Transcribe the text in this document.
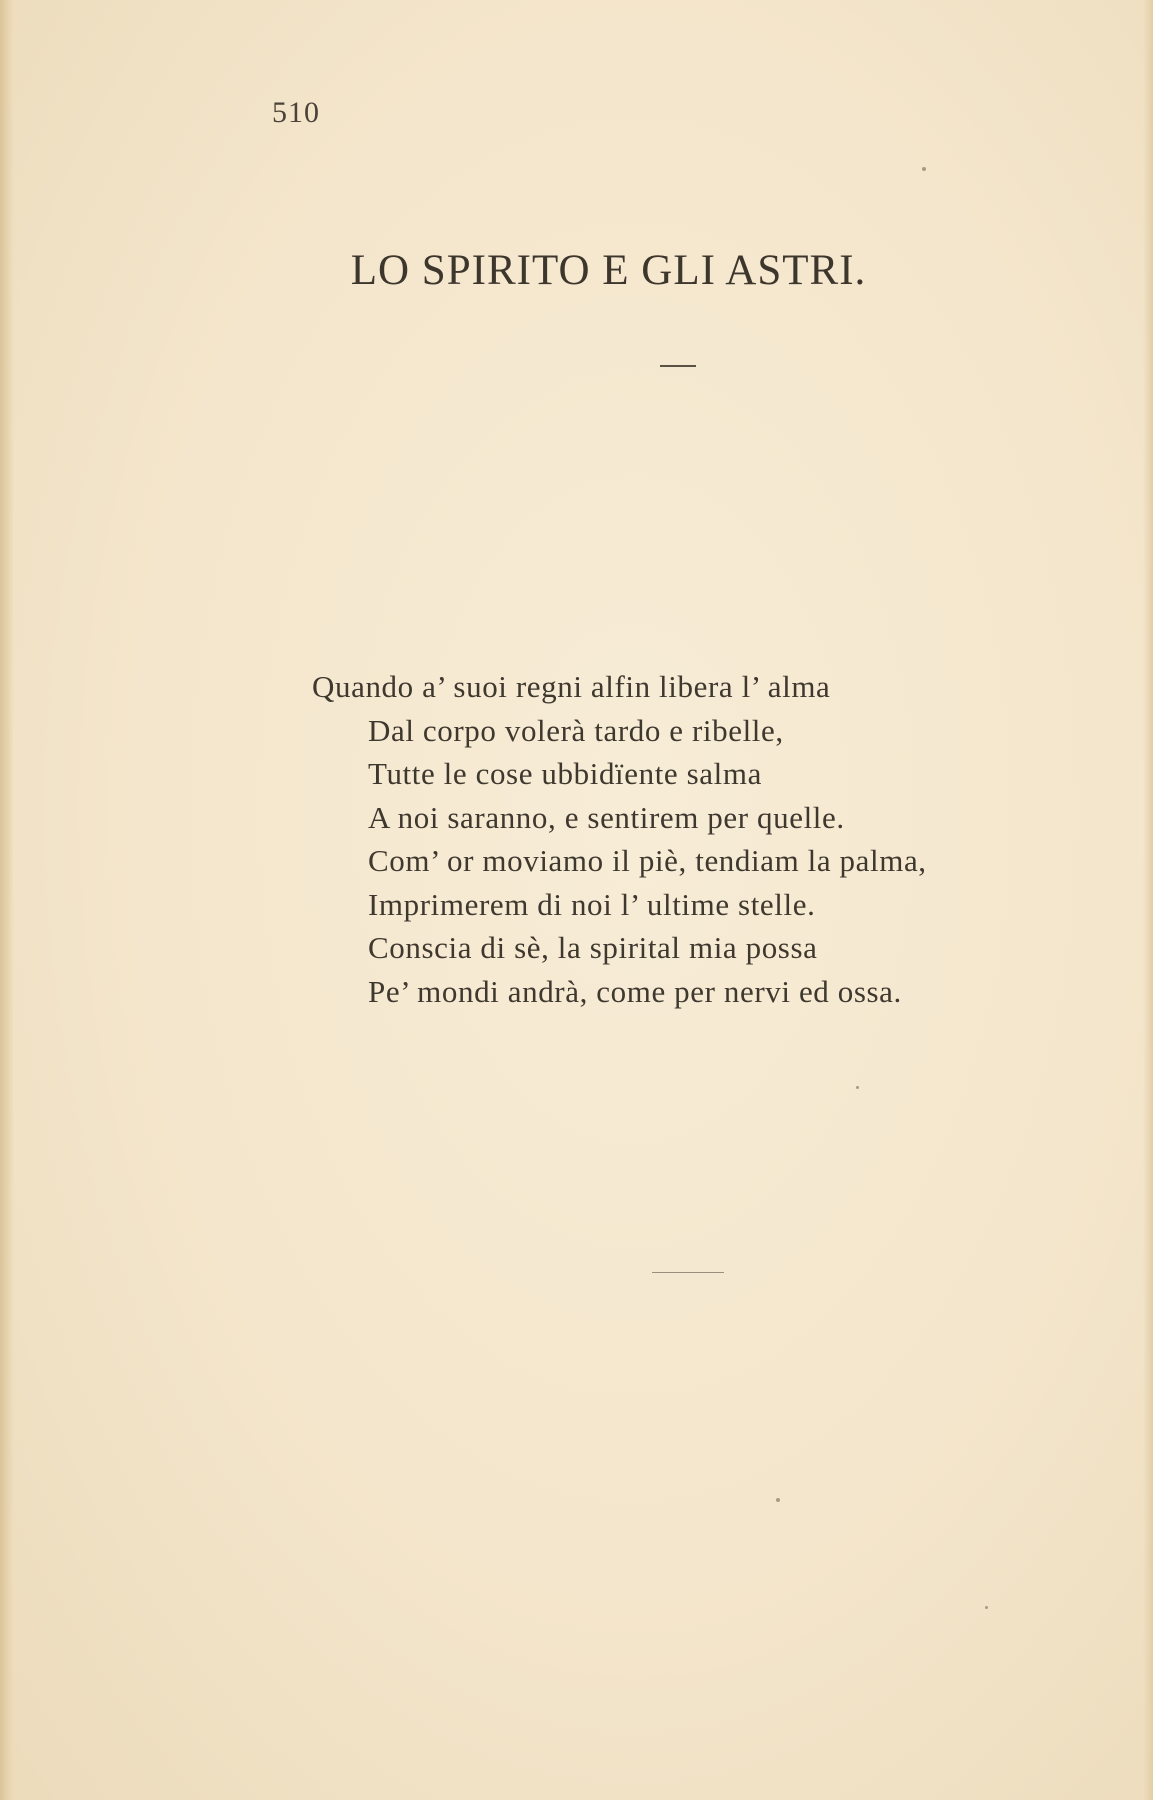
510
LO SPIRITO E GLI ASTRI.
Quando a’ suoi regni alfin libera l’ alma
Dal corpo volerà tardo e ribelle,
Tutte le cose ubbidïente salma
A noi saranno, e sentirem per quelle.
Com’ or moviamo il piè, tendiam la palma,
Imprimerem di noi l’ ultime stelle.
Conscia di sè, la spirital mia possa
Pe’ mondi andrà, come per nervi ed ossa.
